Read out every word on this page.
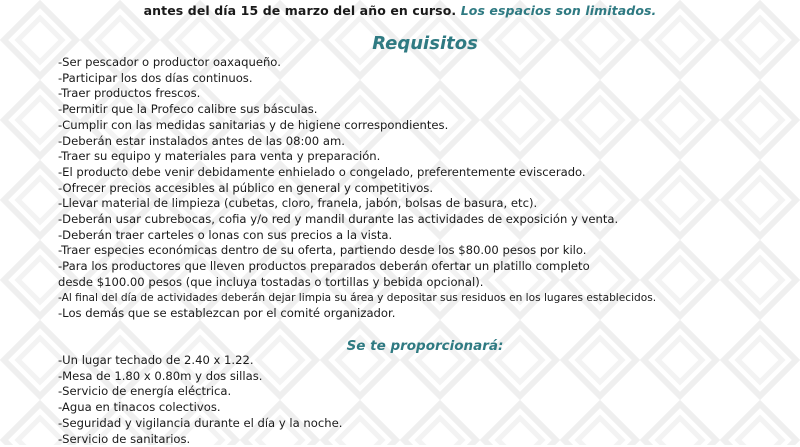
antes del día 15 de marzo del año en curso. Los espacios son limitados.
Requisitos
-Ser pescador o productor oaxaqueño.
-Participar los dos días continuos.
-Traer productos frescos.
-Permitir que la Profeco calibre sus básculas.
-Cumplir con las medidas sanitarias y de higiene correspondientes.
-Deberán estar instalados antes de las 08:00 am.
-Traer su equipo y materiales para venta y preparación.
-El producto debe venir debidamente enhielado o congelado, preferentemente eviscerado.
-Ofrecer precios accesibles al público en general y competitivos.
-Llevar material de limpieza (cubetas, cloro, franela, jabón, bolsas de basura, etc).
-Deberán usar cubrebocas, cofia y/o red y mandil durante las actividades de exposición y venta.
-Deberán traer carteles o lonas con sus precios a la vista.
-Traer especies económicas dentro de su oferta, partiendo desde los $80.00 pesos por kilo.
-Para los productores que lleven productos preparados deberán ofertar un platillo completo
desde $100.00 pesos (que incluya tostadas o tortillas y bebida opcional).
-Al final del día de actividades deberán dejar limpia su área y depositar sus residuos en los lugares establecidos.
-Los demás que se establezcan por el comité organizador.
Se te proporcionará:
-Un lugar techado de 2.40 x 1.22.
-Mesa de 1.80 x 0.80m y dos sillas.
-Servicio de energía eléctrica.
-Agua en tinacos colectivos.
-Seguridad y vigilancia durante el día y la noche.
-Servicio de sanitarios.
